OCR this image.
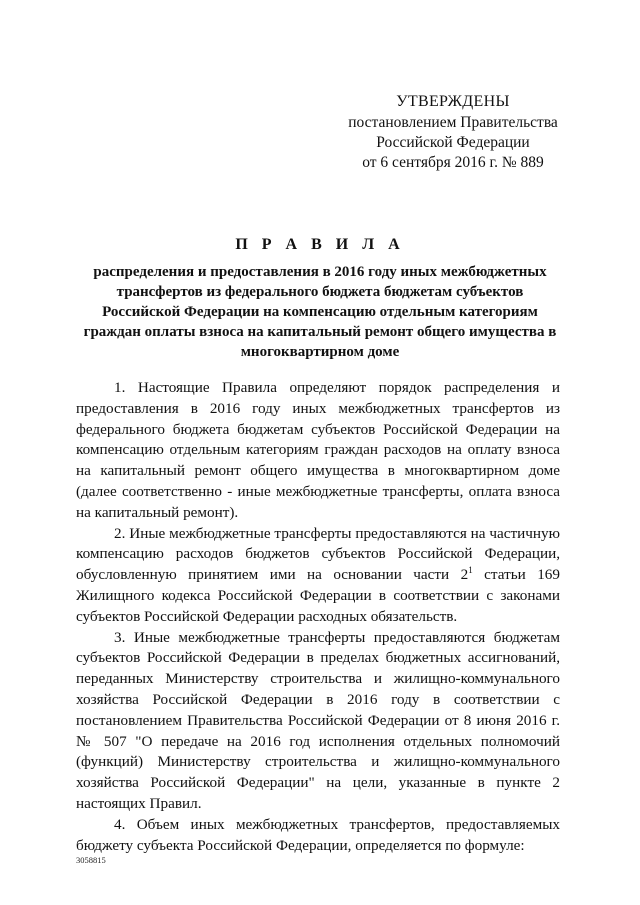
УТВЕРЖДЕНЫ
постановлением Правительства
Российской Федерации
от 6 сентября 2016 г. № 889
П Р А В И Л А
распределения и предоставления в 2016 году иных межбюджетных трансфертов из федерального бюджета бюджетам субъектов Российской Федерации на компенсацию отдельным категориям граждан оплаты взноса на капитальный ремонт общего имущества в многоквартирном доме

1. Настоящие Правила определяют порядок распределения и предоставления в 2016 году иных межбюджетных трансфертов из федерального бюджета бюджетам субъектов Российской Федерации на компенсацию отдельным категориям граждан расходов на оплату взноса на капитальный ремонт общего имущества в многоквартирном доме (далее соответственно - иные межбюджетные трансферты, оплата взноса на капитальный ремонт).

2. Иные межбюджетные трансферты предоставляются на частичную компенсацию расходов бюджетов субъектов Российской Федерации, обусловленную принятием ими на основании части 2$^1$ статьи 169 Жилищного кодекса Российской Федерации в соответствии с законами субъектов Российской Федерации расходных обязательств.

3. Иные межбюджетные трансферты предоставляются бюджетам субъектов Российской Федерации в пределах бюджетных ассигнований, переданных Министерству строительства и жилищно-коммунального хозяйства Российской Федерации в 2016 году в соответствии с постановлением Правительства Российской Федерации от 8 июня 2016 г. № 507 "О передаче на 2016 год исполнения отдельных полномочий (функций) Министерству строительства и жилищно-коммунального хозяйства Российской Федерации" на цели, указанные в пункте 2 настоящих Правил.

4. Объем иных межбюджетных трансфертов, предоставляемых бюджету субъекта Российской Федерации, определяется по формуле:

3058815
